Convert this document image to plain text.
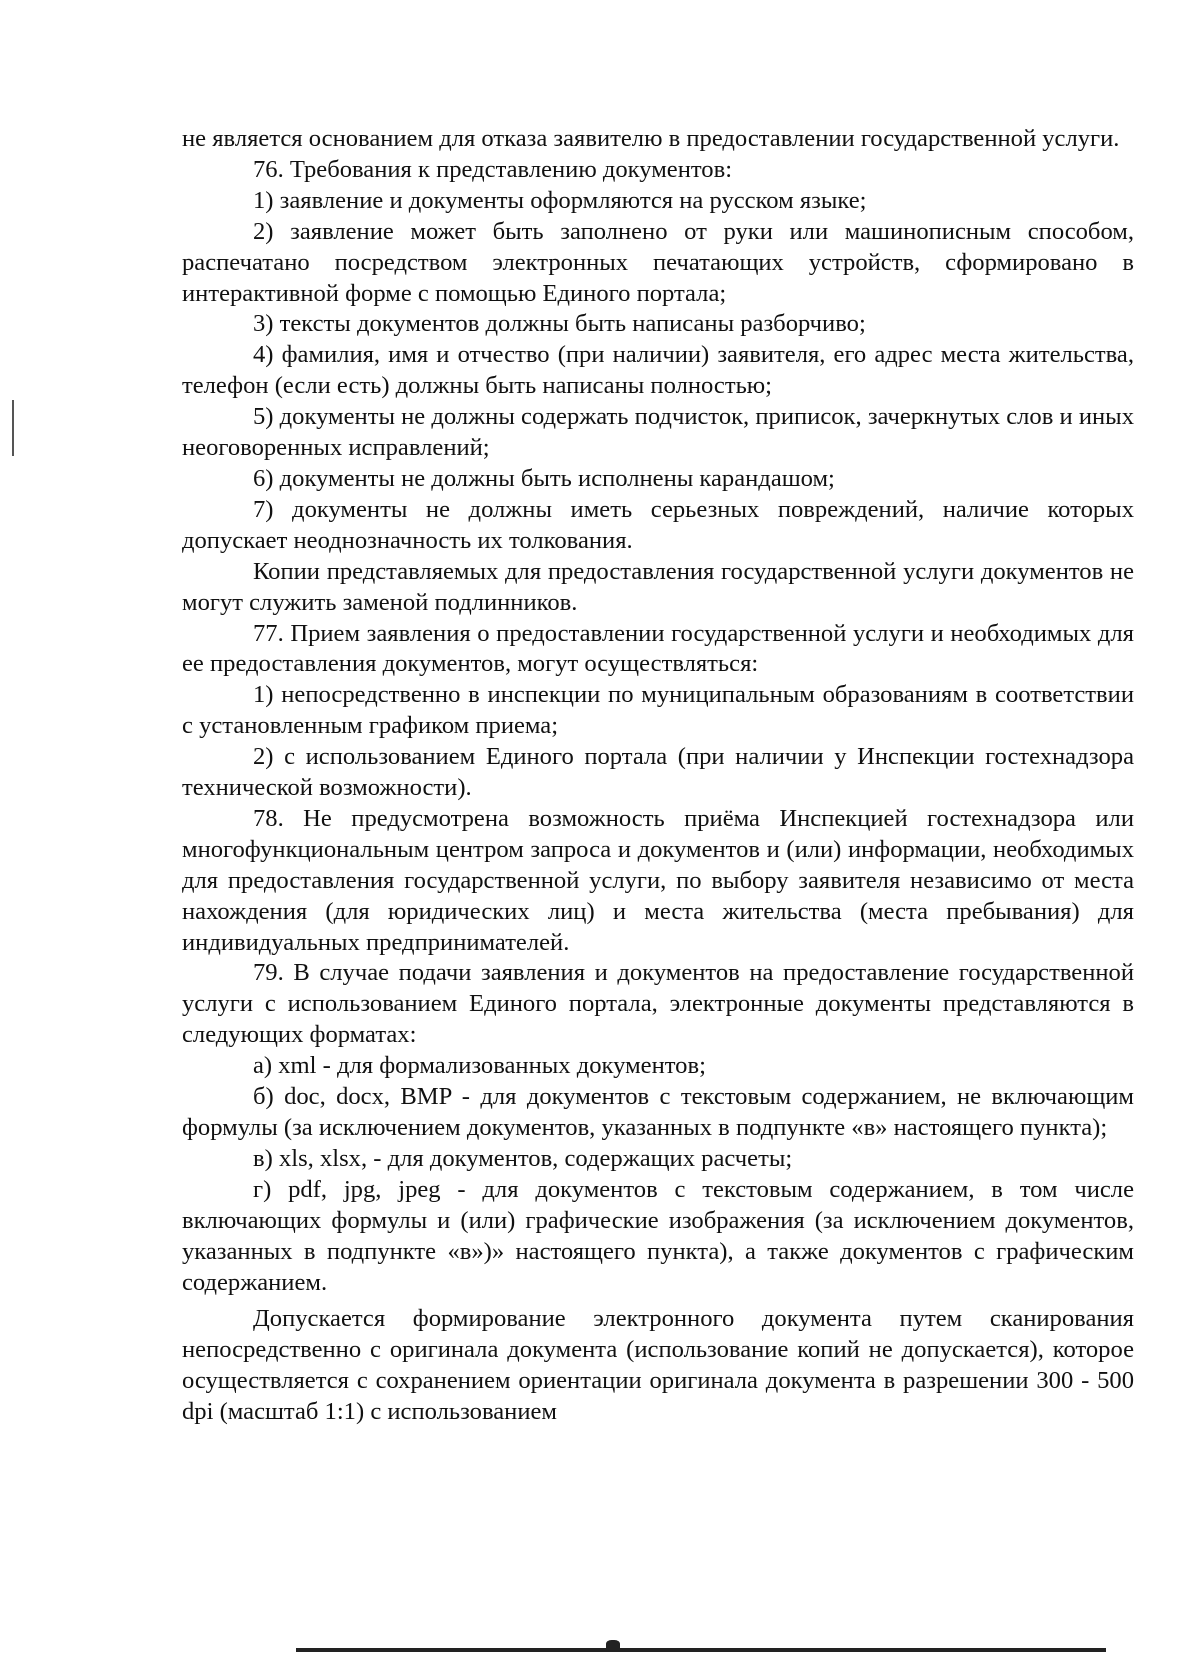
не является основанием для отказа заявителю в предоставлении государственной услуги.

76. Требования к представлению документов:

1) заявление и документы оформляются на русском языке;

2) заявление может быть заполнено от руки или машинописным способом, распечатано посредством электронных печатающих устройств, сформировано в интерактивной форме с помощью Единого портала;

3) тексты документов должны быть написаны разборчиво;

4) фамилия, имя и отчество (при наличии) заявителя, его адрес места жительства, телефон (если есть) должны быть написаны полностью;

5) документы не должны содержать подчисток, приписок, зачеркнутых слов и иных неоговоренных исправлений;

6) документы не должны быть исполнены карандашом;

7) документы не должны иметь серьезных повреждений, наличие которых допускает неоднозначность их толкования.

Копии представляемых для предоставления государственной услуги документов не могут служить заменой подлинников.

77. Прием заявления о предоставлении государственной услуги и необходимых для ее предоставления документов, могут осуществляться:

1) непосредственно в инспекции по муниципальным образованиям в соответствии с установленным графиком приема;

2) с использованием Единого портала (при наличии у Инспекции гостехнадзора технической возможности).

78. Не предусмотрена возможность приёма Инспекцией гостехнадзора или многофункциональным центром запроса и документов и (или) информации, необходимых для предоставления государственной услуги, по выбору заявителя независимо от места нахождения (для юридических лиц) и места жительства (места пребывания) для индивидуальных предпринимателей.

79. В случае подачи заявления и документов на предоставление государственной услуги с использованием Единого портала, электронные документы представляются в следующих форматах:

а) xml - для формализованных документов;

б) doc, docx, BMP - для документов с текстовым содержанием, не включающим формулы (за исключением документов, указанных в подпункте «в» настоящего пункта);

в) xls, xlsx, - для документов, содержащих расчеты;

г) pdf, jpg, jpeg - для документов с текстовым содержанием, в том числе включающих формулы и (или) графические изображения (за исключением документов, указанных в подпункте «в»)» настоящего пункта), а также документов с графическим содержанием.

Допускается формирование электронного документа путем сканирования непосредственно с оригинала документа (использование копий не допускается), которое осуществляется с сохранением ориентации оригинала документа в разрешении 300 - 500 dpi (масштаб 1:1) с использованием
